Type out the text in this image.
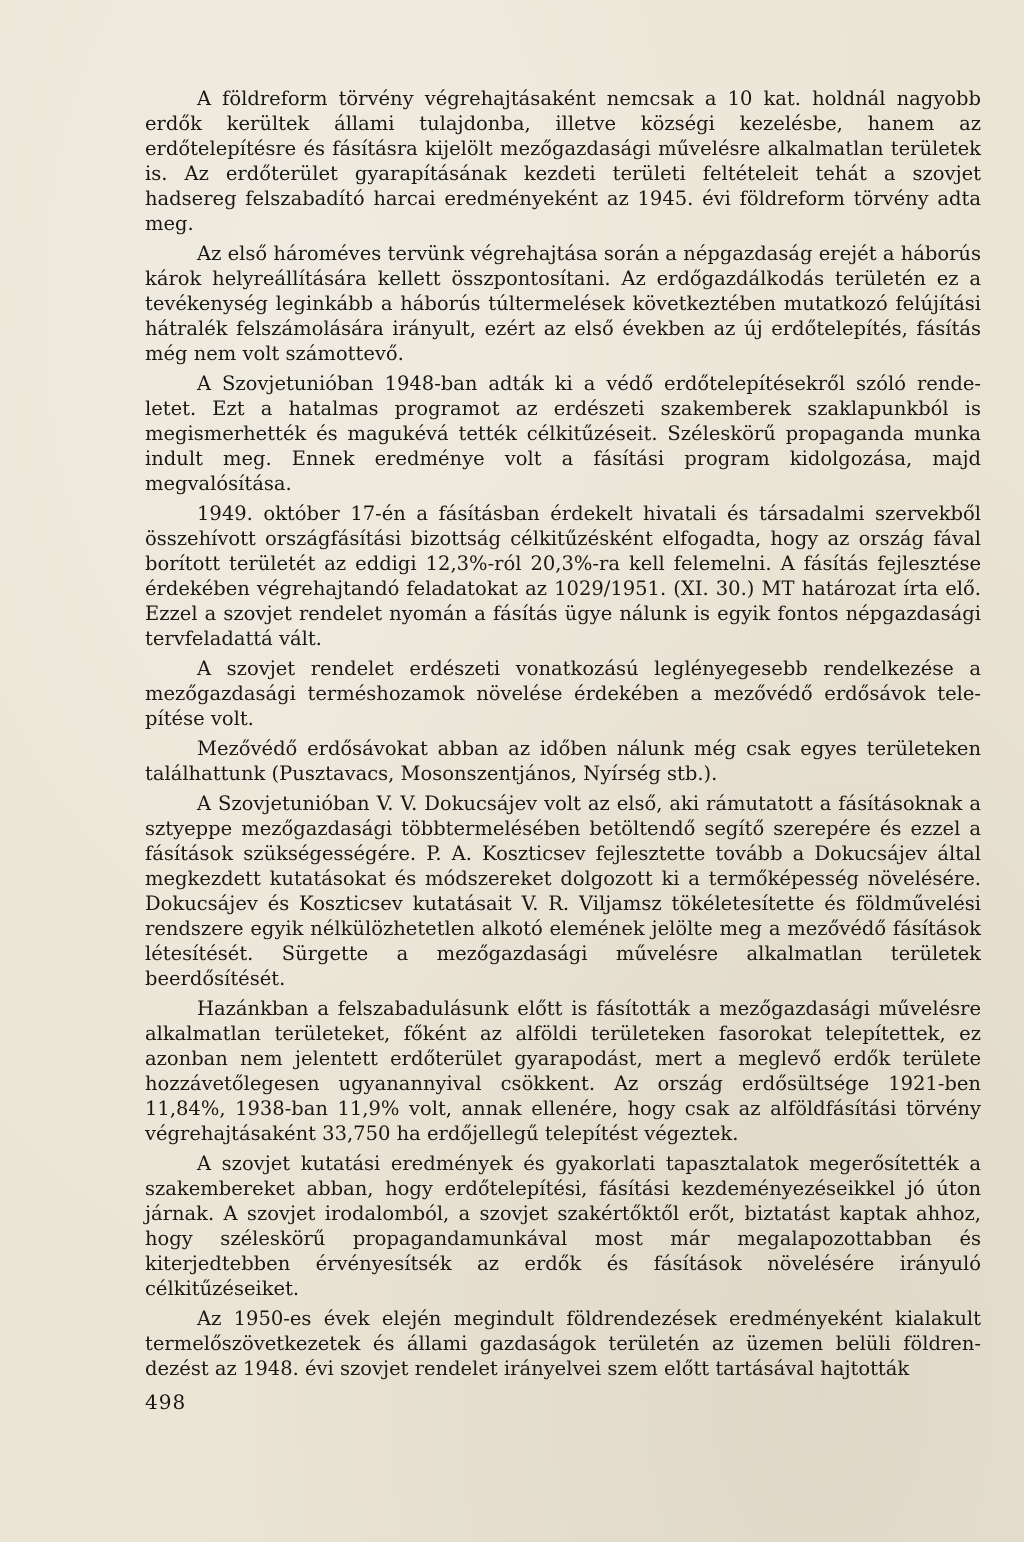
A földreform törvény végrehajtásaként nemcsak a 10 kat. holdnál nagyobb erdők kerültek állami tulajdonba, illetve községi kezelésbe, hanem az erdőtelepítésre és fásításra kijelölt mezőgazdasági művelésre alkalmatlan területek is. Az erdőterület gyarapításának kezdeti területi feltételeit tehát a szovjet hadsereg felszabadító harcai eredményeként az 1945. évi földreform törvény adta meg.

Az első hároméves tervünk végrehajtása során a népgazdaság erejét a háborús károk helyreállítására kellett összpontosítani. Az erdőgazdálkodás területén ez a tevékenység leginkább a háborús túltermelések következtében mutatkozó felújítási hátralék felszámolására irányult, ezért az első években az új erdőtelepítés, fásítás még nem volt számottevő.

A Szovjetunióban 1948-ban adták ki a védő erdőtelepítésekről szóló rendeletet. Ezt a hatalmas programot az erdészeti szakemberek szaklapunkból is megismerhették és magukévá tették célkitűzéseit. Széleskörű propaganda munka indult meg. Ennek eredménye volt a fásítási program kidolgozása, majd megvalósítása.

1949. október 17-én a fásításban érdekelt hivatali és társadalmi szervekből összehívott országfásítási bizottság célkitűzésként elfogadta, hogy az ország fával borított területét az eddigi 12,3%-ról 20,3%-ra kell felemelni. A fásítás fejlesztése érdekében végrehajtandó feladatokat az 1029/1951. (XI. 30.) MT határozat írta elő. Ezzel a szovjet rendelet nyomán a fásítás ügye nálunk is egyik fontos népgazdasági tervfeladattá vált.

A szovjet rendelet erdészeti vonatkozású leglényegesebb rendelkezése a mezőgazdasági terméshozamok növelése érdekében a mezővédő erdősávok telepítése volt.

Mezővédő erdősávokat abban az időben nálunk még csak egyes területeken találhattunk (Pusztavacs, Mosonszentjános, Nyírség stb.).

A Szovjetunióban V. V. Dokucsájev volt az első, aki rámutatott a fásításoknak a sztyeppe mezőgazdasági többtermelésében betöltendő segítő szerepére és ezzel a fásítások szükségességére. P. A. Koszticsev fejlesztette tovább a Dokucsájev által megkezdett kutatásokat és módszereket dolgozott ki a termőképesség növelésére. Dokucsájev és Koszticsev kutatásait V. R. Viljamsz tökéletesítette és földművelési rendszere egyik nélkülözhetetlen alkotó elemének jelölte meg a mezővédő fásítások létesítését. Sürgette a mezőgazdasági művelésre alkalmatlan területek beerdősítését.

Hazánkban a felszabadulásunk előtt is fásították a mezőgazdasági művelésre alkalmatlan területeket, főként az alföldi területeken fasorokat telepítettek, ez azonban nem jelentett erdőterület gyarapodást, mert a meglevő erdők területe hozzávetőlegesen ugyanannyival csökkent. Az ország erdősültsége 1921-ben 11,84%, 1938-ban 11,9% volt, annak ellenére, hogy csak az alföldfásítási törvény végrehajtásaként 33,750 ha erdőjellegű telepítést végeztek.

A szovjet kutatási eredmények és gyakorlati tapasztalatok megerősítették a szakembereket abban, hogy erdőtelepítési, fásítási kezdeményezéseikkel jó úton járnak. A szovjet irodalomból, a szovjet szakértőktől erőt, biztatást kaptak ahhoz, hogy széleskörű propagandamunkával most már megalapozottabban és kiterjedtebben érvényesítsék az erdők és fásítások növelésére irányuló célkitűzéseiket.

Az 1950-es évek elején megindult földrendezések eredményeként kialakult termelőszövetkezetek és állami gazdaságok területén az üzemen belüli földrendezést az 1948. évi szovjet rendelet irányelvei szem előtt tartásával hajtották

498
